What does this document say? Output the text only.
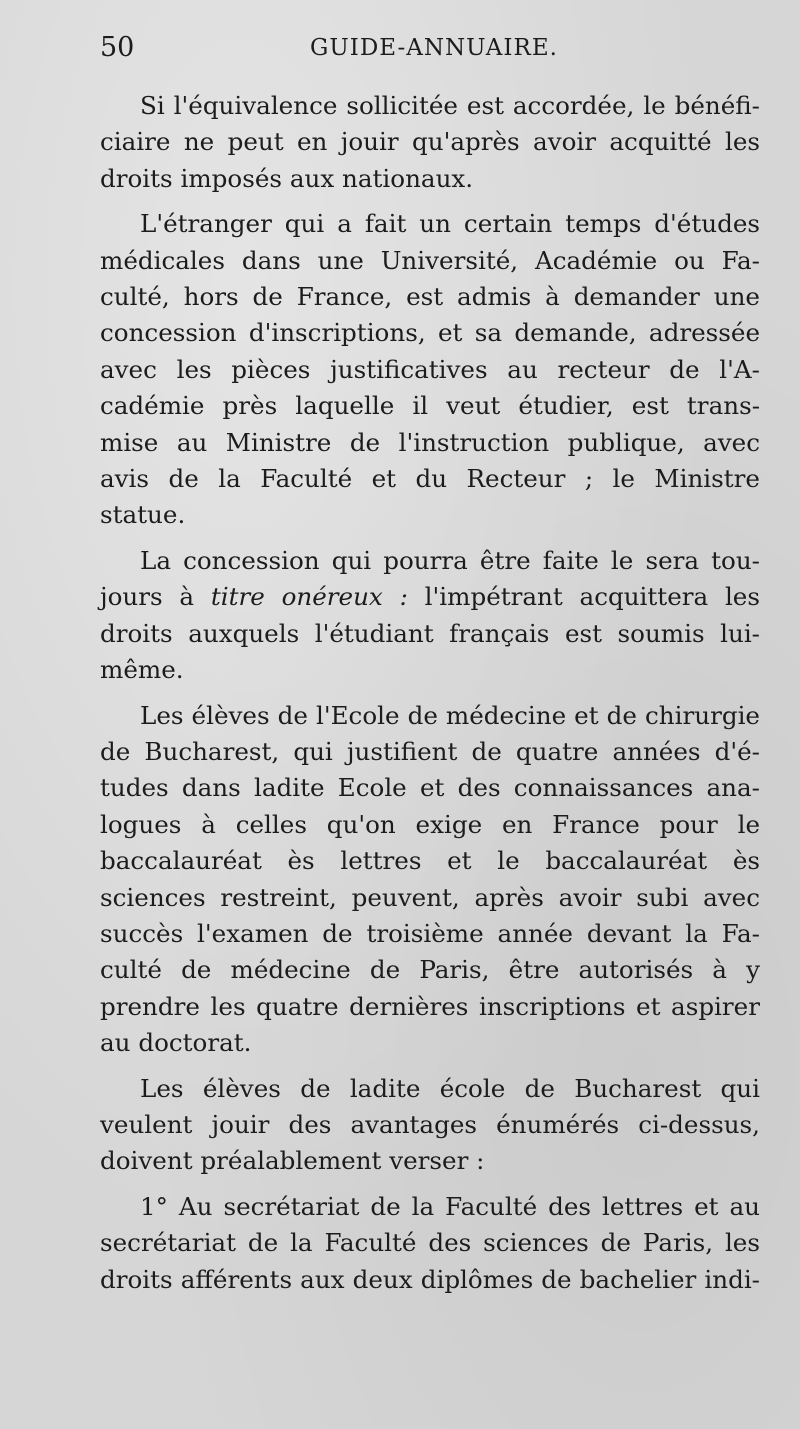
50	GUIDE-ANNUAIRE.
Si l'équivalence sollicitée est accordée, le bénéfi-
ciaire ne peut en jouir qu'après avoir acquitté les
droits imposés aux nationaux.
L'étranger qui a fait un certain temps d'études
médicales dans une Université, Académie ou Fa-
culté, hors de France, est admis à demander une
concession d'inscriptions, et sa demande, adressée
avec les pièces justificatives au recteur de l'A-
cadémie près laquelle il veut étudier, est trans-
mise au Ministre de l'instruction publique, avec
avis de la Faculté et du Recteur ; le Ministre
statue.
La concession qui pourra être faite le sera tou-
jours à titre onéreux : l'impétrant acquittera les
droits auxquels l'étudiant français est soumis lui-
même.
Les élèves de l'Ecole de médecine et de chirurgie
de Bucharest, qui justifient de quatre années d'é-
tudes dans ladite Ecole et des connaissances ana-
logues à celles qu'on exige en France pour le
baccalauréat ès lettres et le baccalauréat ès
sciences restreint, peuvent, après avoir subi avec
succès l'examen de troisième année devant la Fa-
culté de médecine de Paris, être autorisés à y
prendre les quatre dernières inscriptions et aspirer
au doctorat.
Les élèves de ladite école de Bucharest qui
veulent jouir des avantages énumérés ci-dessus,
doivent préalablement verser :
1° Au secrétariat de la Faculté des lettres et au
secrétariat de la Faculté des sciences de Paris, les
droits afférents aux deux diplômes de bachelier indi-
